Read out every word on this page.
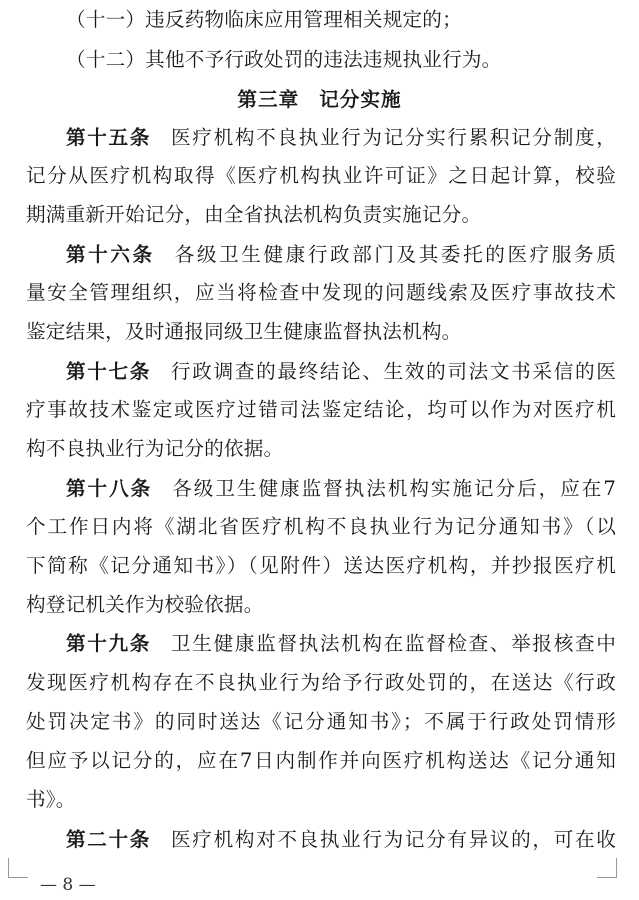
（十一）违反药物临床应用管理相关规定的；
（十二）其他不予行政处罚的违法违规执业行为。
第三章 记分实施
第十五条 医疗机构不良执业行为记分实行累积记分制度，
记分从医疗机构取得《医疗机构执业许可证》之日起计算，校验
期满重新开始记分，由全省执法机构负责实施记分。
第十六条 各级卫生健康行政部门及其委托的医疗服务质
量安全管理组织，应当将检查中发现的问题线索及医疗事故技术
鉴定结果，及时通报同级卫生健康监督执法机构。
第十七条 行政调查的最终结论、生效的司法文书采信的医
疗事故技术鉴定或医疗过错司法鉴定结论，均可以作为对医疗机
构不良执业行为记分的依据。
第十八条 各级卫生健康监督执法机构实施记分后，应在7
个工作日内将《湖北省医疗机构不良执业行为记分通知书》（以
下简称《记分通知书》）（见附件）送达医疗机构，并抄报医疗机
构登记机关作为校验依据。
第十九条 卫生健康监督执法机构在监督检查、举报核查中
发现医疗机构存在不良执业行为给予行政处罚的，在送达《行政
处罚决定书》的同时送达《记分通知书》；不属于行政处罚情形
但应予以记分的，应在7日内制作并向医疗机构送达《记分通知
书》。
第二十条 医疗机构对不良执业行为记分有异议的，可在收
— 8 —
